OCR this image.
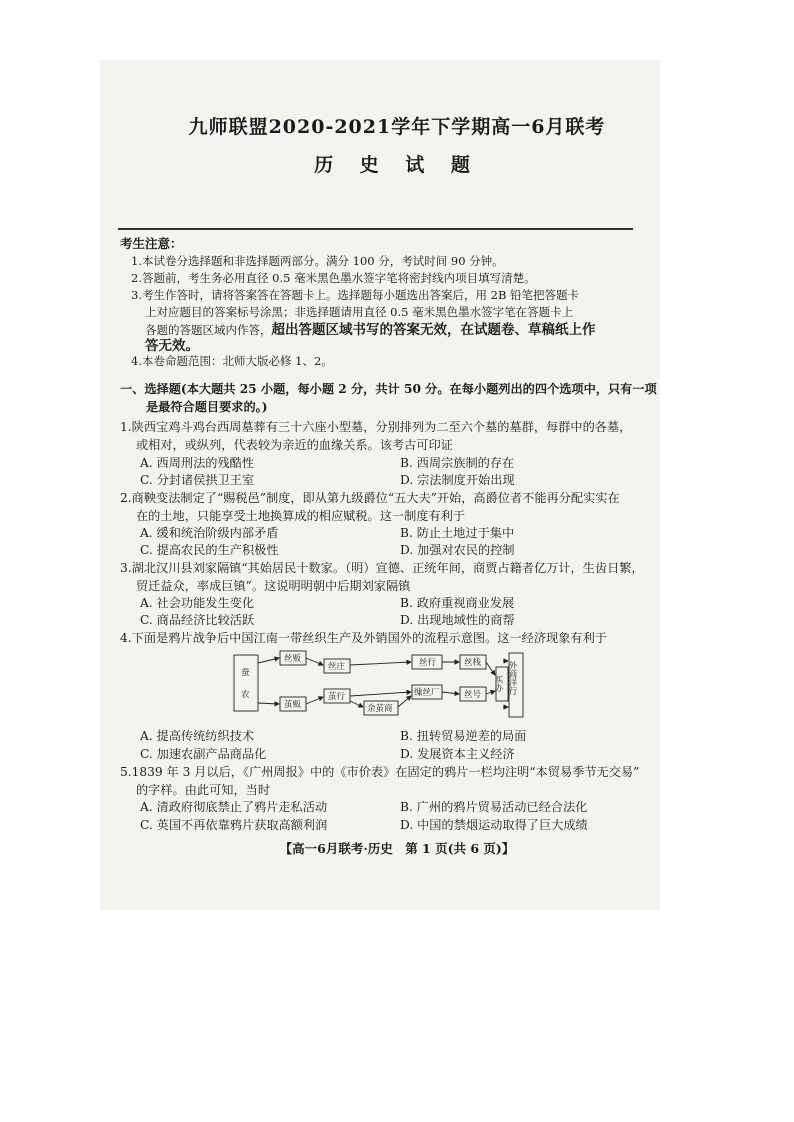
九师联盟2020-2021学年下学期高一6月联考
历 史 试 题
考生注意：
1.本试卷分选择题和非选择题两部分。满分 100 分，考试时间 90 分钟。
2.答题前，考生务必用直径 0.5 毫米黑色墨水签字笔将密封线内项目填写清楚。
3.考生作答时，请将答案答在答题卡上。选择题每小题选出答案后，用 2B 铅笔把答题卡
上对应题目的答案标号涂黑；非选择题请用直径 0.5 毫米黑色墨水签字笔在答题卡上
各题的答题区域内作答，超出答题区域书写的答案无效，在试题卷、草稿纸上作
答无效。
4.本卷命题范围：北师大版必修 1、2。
一、选择题(本大题共 25 小题，每小题 2 分，共计 50 分。在每小题列出的四个选项中，只有一项
是最符合题目要求的。)
1.陕西宝鸡斗鸡台西周墓葬有三十六座小型墓，分别排列为二至六个墓的墓群，每群中的各墓，
或相对，或纵列，代表较为亲近的血缘关系。该考古可印证
A. 西周刑法的残酷性	B. 西周宗族制的存在
C. 分封诸侯拱卫王室	D. 宗法制度开始出现
2.商鞅变法制定了“赐税邑”制度，即从第九级爵位“五大夫”开始，高爵位者不能再分配实实在
在的土地，只能享受土地换算成的相应赋税。这一制度有利于
A. 缓和统治阶级内部矛盾	B. 防止土地过于集中
C. 提高农民的生产积极性	D. 加强对农民的控制
3.湖北汉川县刘家隔镇“其始居民十数家。（明）宣德、正统年间，商贾占籍者亿万计，生齿日繁，
贸迁益众，率成巨镇”。这说明明朝中后期刘家隔镇
A. 社会功能发生变化	B. 政府重视商业发展
C. 商品经济比较活跃	D. 出现地域性的商帮
4.下面是鸦片战争后中国江南一带丝织生产及外销国外的流程示意图。这一经济现象有利于
蚕
农
丝贩
丝庄	丝行	丝栈
茧贩
茧行
余茧商
缫丝厂	丝号
买办 外商洋行
A. 提高传统纺织技术	B. 扭转贸易逆差的局面
C. 加速农副产品商品化	D. 发展资本主义经济
5.1839 年 3 月以后，《广州周报》中的《市价表》在固定的鸦片一栏均注明“本贸易季节无交易”
的字样。由此可知，当时
A. 清政府彻底禁止了鸦片走私活动	B. 广州的鸦片贸易活动已经合法化
C. 英国不再依靠鸦片获取高额利润	D. 中国的禁烟运动取得了巨大成绩
【高一6月联考·历史　第 1 页(共 6 页)】
